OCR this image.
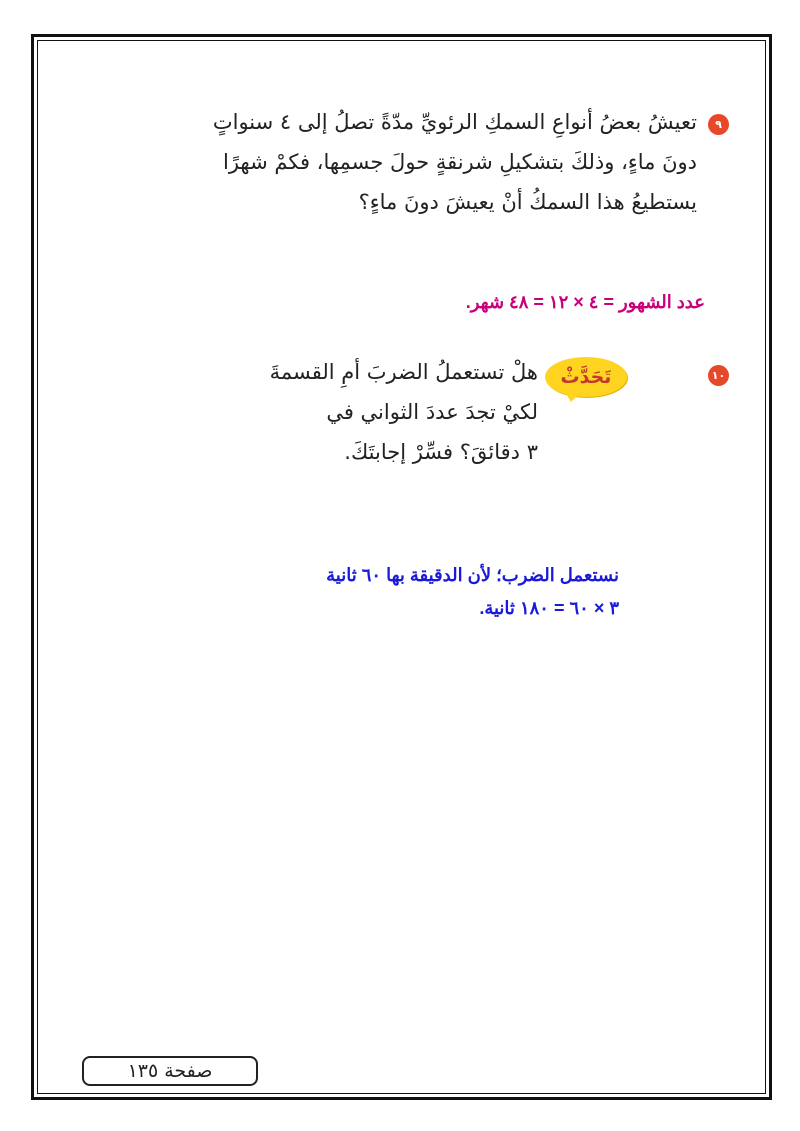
٩
تعيشُ بعضُ أنواعِ السمكِ الرئويِّ مدّةً تصلُ إلى ٤ سنواتٍ
دونَ ماءٍ، وذلكَ بتشكيلِ شرنقةٍ حولَ جسمِها، فكمْ شهرًا
يستطيعُ هذا السمكُ أنْ يعيشَ دونَ ماءٍ؟
عدد الشهور = ٤ × ١٢ = ٤٨ شهر.
١٠
تَحَدَّثْ
هلْ تستعملُ الضربَ أمِ القسمةَ
لكيْ تجدَ عددَ الثواني في
٣ دقائقَ؟ فسِّرْ إجابتَكَ.
نستعمل الضرب؛ لأن الدقيقة بها ٦٠ ثانية
٣ × ٦٠ = ١٨٠ ثانية.
صفحة ١٣٥
